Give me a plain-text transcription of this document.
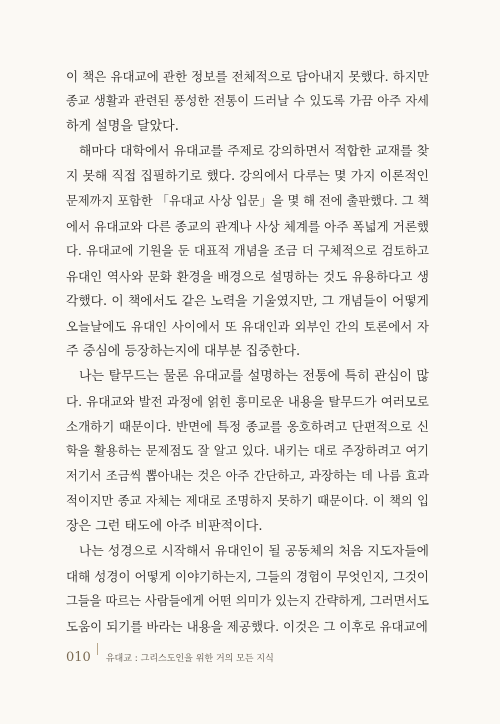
이 책은 유대교에 관한 정보를 전체적으로 담아내지 못했다. 하지만
종교 생활과 관련된 풍성한 전통이 드러날 수 있도록 가끔 아주 자세
하게 설명을 달았다.
해마다 대학에서 유대교를 주제로 강의하면서 적합한 교재를 찾
지 못해 직접 집필하기로 했다. 강의에서 다루는 몇 가지 이론적인
문제까지 포함한 「유대교 사상 입문」을 몇 해 전에 출판했다. 그 책
에서 유대교와 다른 종교의 관계나 사상 체계를 아주 폭넓게 거론했
다. 유대교에 기원을 둔 대표적 개념을 조금 더 구체적으로 검토하고
유대인 역사와 문화 환경을 배경으로 설명하는 것도 유용하다고 생
각했다. 이 책에서도 같은 노력을 기울였지만, 그 개념들이 어떻게
오늘날에도 유대인 사이에서 또 유대인과 외부인 간의 토론에서 자
주 중심에 등장하는지에 대부분 집중한다.
나는 탈무드는 물론 유대교를 설명하는 전통에 특히 관심이 많
다. 유대교와 발전 과정에 얽힌 흥미로운 내용을 탈무드가 여러모로
소개하기 때문이다. 반면에 특정 종교를 옹호하려고 단편적으로 신
학을 활용하는 문제점도 잘 알고 있다. 내키는 대로 주장하려고 여기
저기서 조금씩 뽑아내는 것은 아주 간단하고, 과장하는 데 나름 효과
적이지만 종교 자체는 제대로 조명하지 못하기 때문이다. 이 책의 입
장은 그런 태도에 아주 비판적이다.
나는 성경으로 시작해서 유대인이 될 공동체의 처음 지도자들에
대해 성경이 어떻게 이야기하는지, 그들의 경험이 무엇인지, 그것이
그들을 따르는 사람들에게 어떤 의미가 있는지 간략하게, 그러면서도
도움이 되기를 바라는 내용을 제공했다. 이것은 그 이후로 유대교에
010 유대교 : 그리스도인을 위한 거의 모든 지식
